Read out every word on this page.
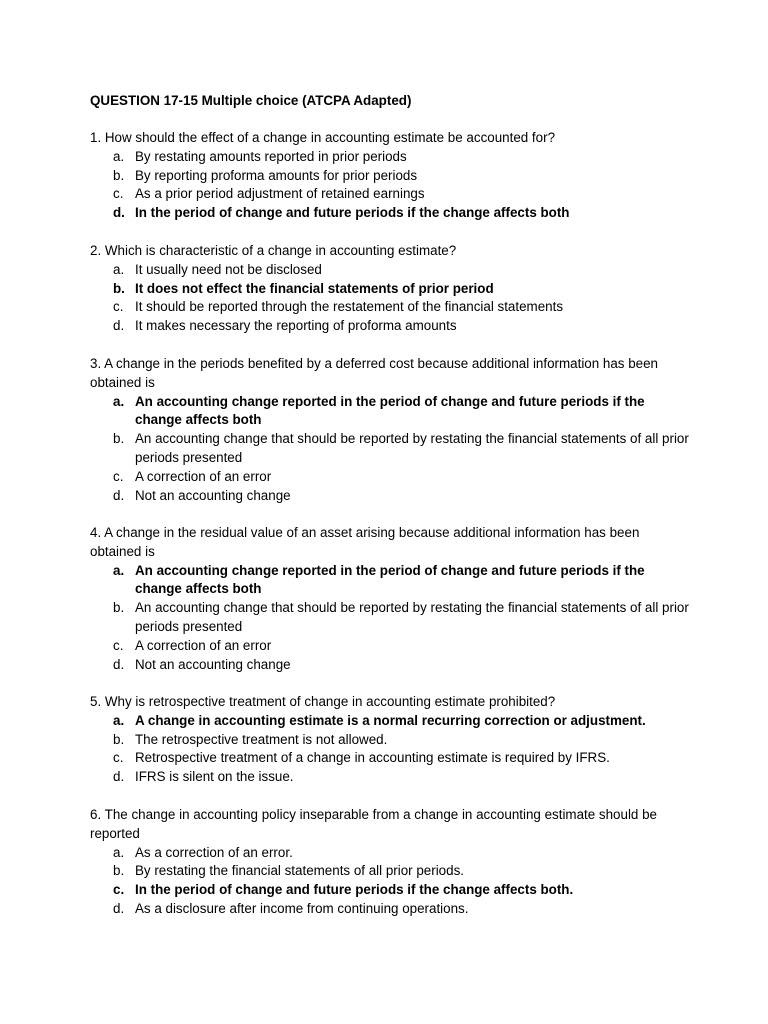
QUESTION 17-15 Multiple choice (ATCPA Adapted)
1. How should the effect of a change in accounting estimate be accounted for?
a. By restating amounts reported in prior periods
b. By reporting proforma amounts for prior periods
c. As a prior period adjustment of retained earnings
d. In the period of change and future periods if the change affects both
2. Which is characteristic of a change in accounting estimate?
a. It usually need not be disclosed
b. It does not effect the financial statements of prior period
c. It should be reported through the restatement of the financial statements
d. It makes necessary the reporting of proforma amounts
3. A change in the periods benefited by a deferred cost because additional information has been obtained is
a. An accounting change reported in the period of change and future periods if the change affects both
b. An accounting change that should be reported by restating the financial statements of all prior periods presented
c. A correction of an error
d. Not an accounting change
4. A change in the residual value of an asset arising because additional information has been obtained is
a. An accounting change reported in the period of change and future periods if the change affects both
b. An accounting change that should be reported by restating the financial statements of all prior periods presented
c. A correction of an error
d. Not an accounting change
5. Why is retrospective treatment of change in accounting estimate prohibited?
a. A change in accounting estimate is a normal recurring correction or adjustment.
b. The retrospective treatment is not allowed.
c. Retrospective treatment of a change in accounting estimate is required by IFRS.
d. IFRS is silent on the issue.
6. The change in accounting policy inseparable from a change in accounting estimate should be reported
a. As a correction of an error.
b. By restating the financial statements of all prior periods.
c. In the period of change and future periods if the change affects both.
d. As a disclosure after income from continuing operations.
